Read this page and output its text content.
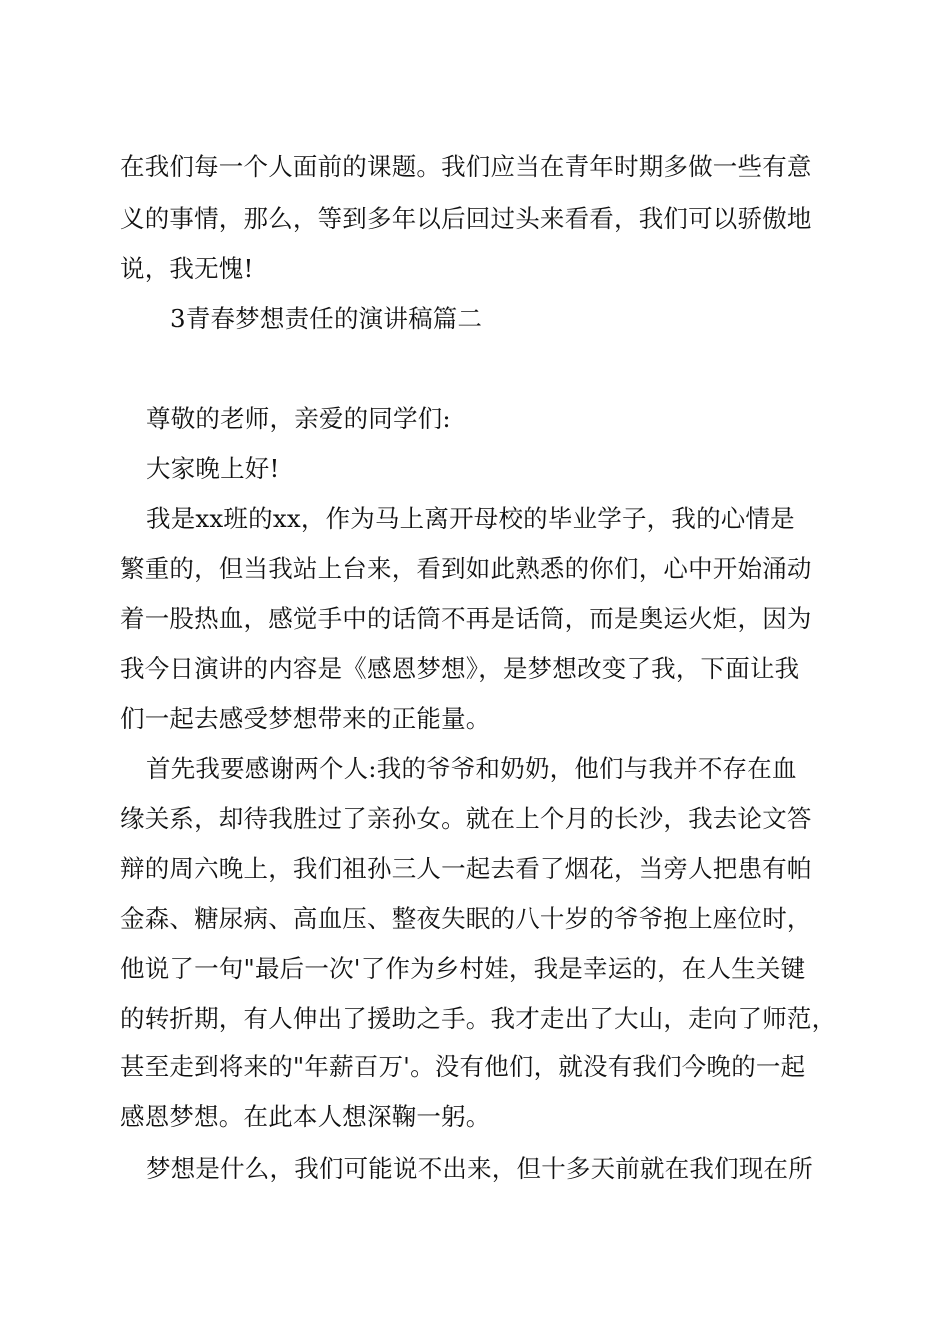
在我们每一个人面前的课题。我们应当在青年时期多做一些有意
义的事情，那么，等到多年以后回过头来看看，我们可以骄傲地
说，我无愧!
3青春梦想责任的演讲稿篇二
尊敬的老师，亲爱的同学们:
大家晚上好!
我是xx班的xx，作为马上离开母校的毕业学子，我的心情是
繁重的，但当我站上台来，看到如此熟悉的你们，心中开始涌动
着一股热血，感觉手中的话筒不再是话筒，而是奥运火炬，因为
我今日演讲的内容是《感恩梦想》，是梦想改变了我，下面让我
们一起去感受梦想带来的正能量。
首先我要感谢两个人:我的爷爷和奶奶，他们与我并不存在血
缘关系，却待我胜过了亲孙女。就在上个月的长沙，我去论文答
辩的周六晚上，我们祖孙三人一起去看了烟花，当旁人把患有帕
金森、糖尿病、高血压、整夜失眠的八十岁的爷爷抱上座位时，
他说了一句"最后一次'了作为乡村娃，我是幸运的，在人生关键
的转折期，有人伸出了援助之手。我才走出了大山，走向了师范，
甚至走到将来的"年薪百万'。没有他们，就没有我们今晚的一起
感恩梦想。在此本人想深鞠一躬。
梦想是什么，我们可能说不出来，但十多天前就在我们现在所
